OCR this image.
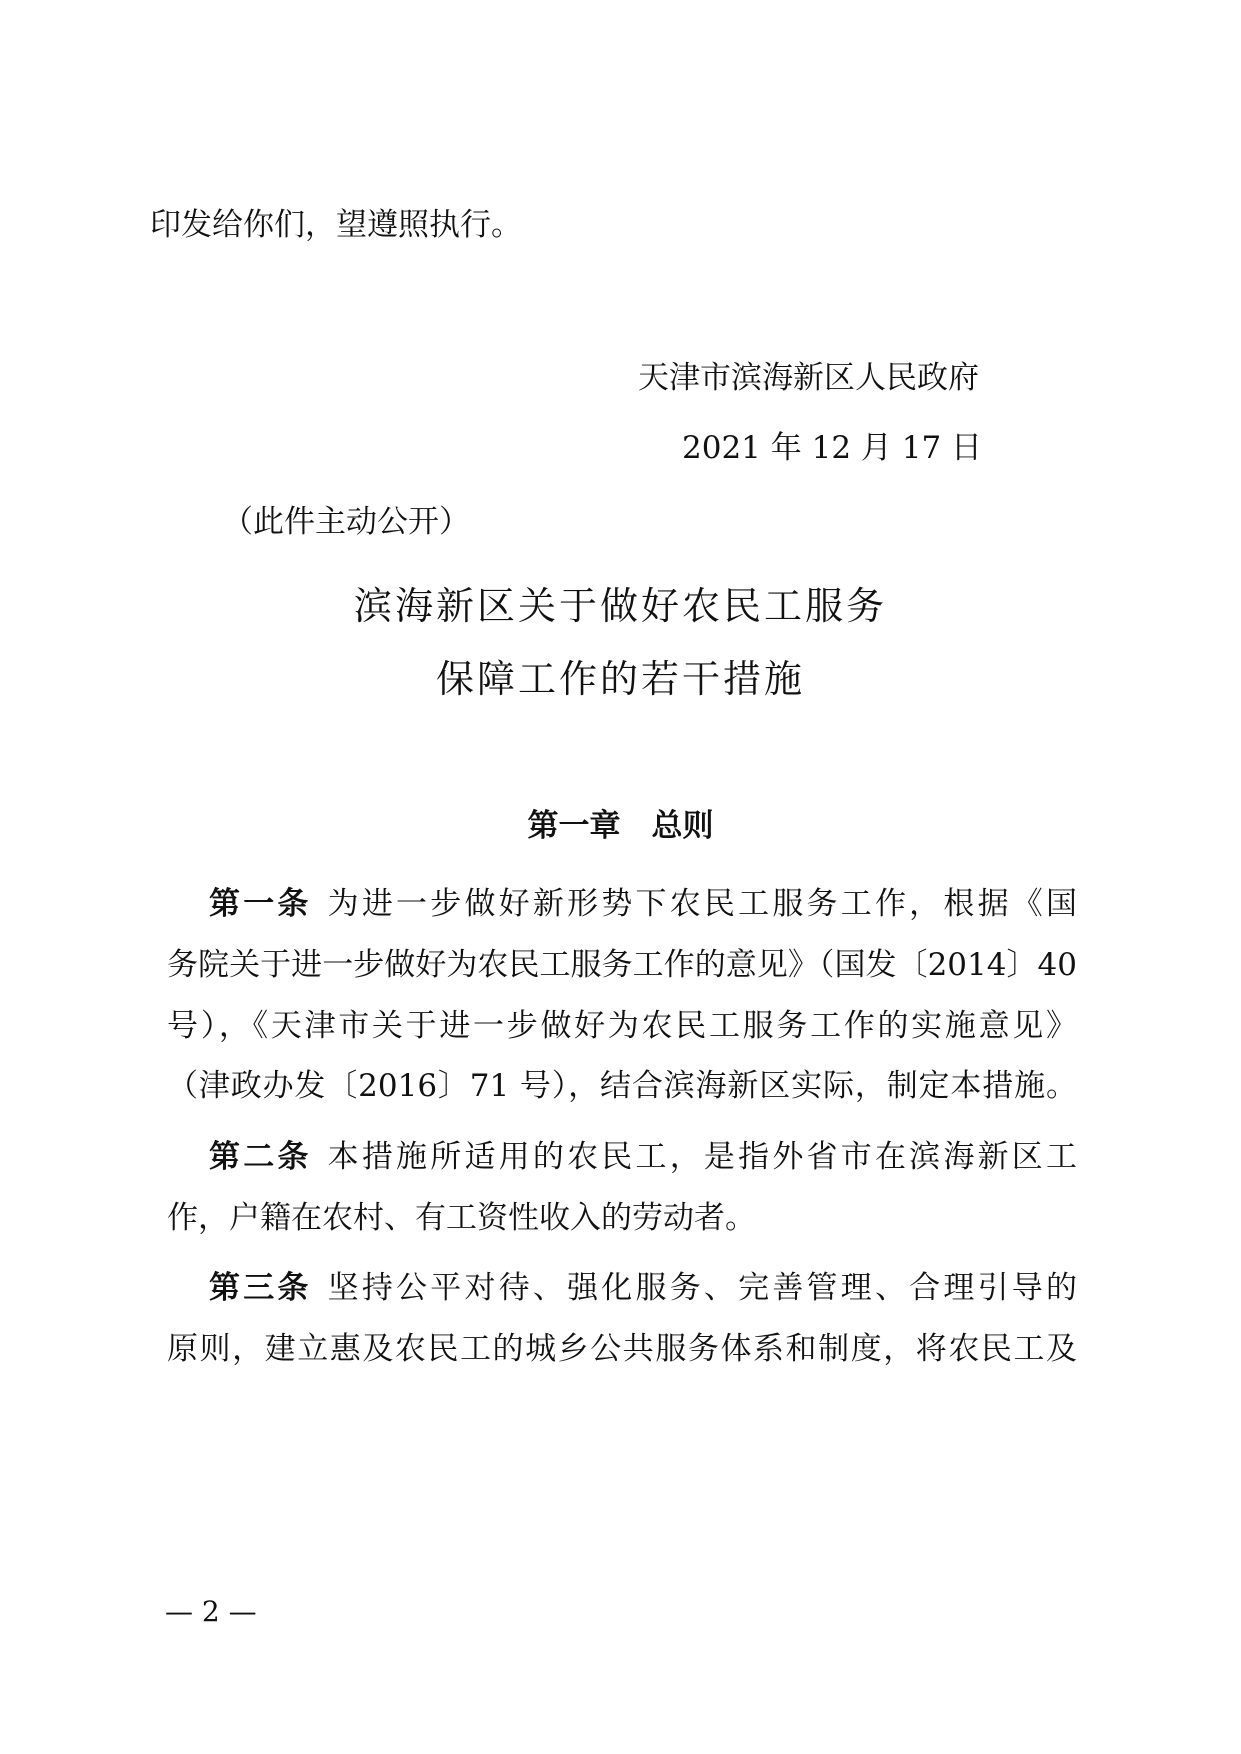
印发给你们，望遵照执行。
天津市滨海新区人民政府
2021 年 12 月 17 日
（此件主动公开）
滨海新区关于做好农民工服务
保障工作的若干措施
第一章　总则
第一条 为进一步做好新形势下农民工服务工作，根据《国
务院关于进一步做好为农民工服务工作的意见》（国发〔2014〕40
号），《天津市关于进一步做好为农民工服务工作的实施意见》
（津政办发〔2016〕71 号），结合滨海新区实际，制定本措施。
第二条 本措施所适用的农民工，是指外省市在滨海新区工
作，户籍在农村、有工资性收入的劳动者。
第三条 坚持公平对待、强化服务、完善管理、合理引导的
原则，建立惠及农民工的城乡公共服务体系和制度，将农民工及
— 2 —
